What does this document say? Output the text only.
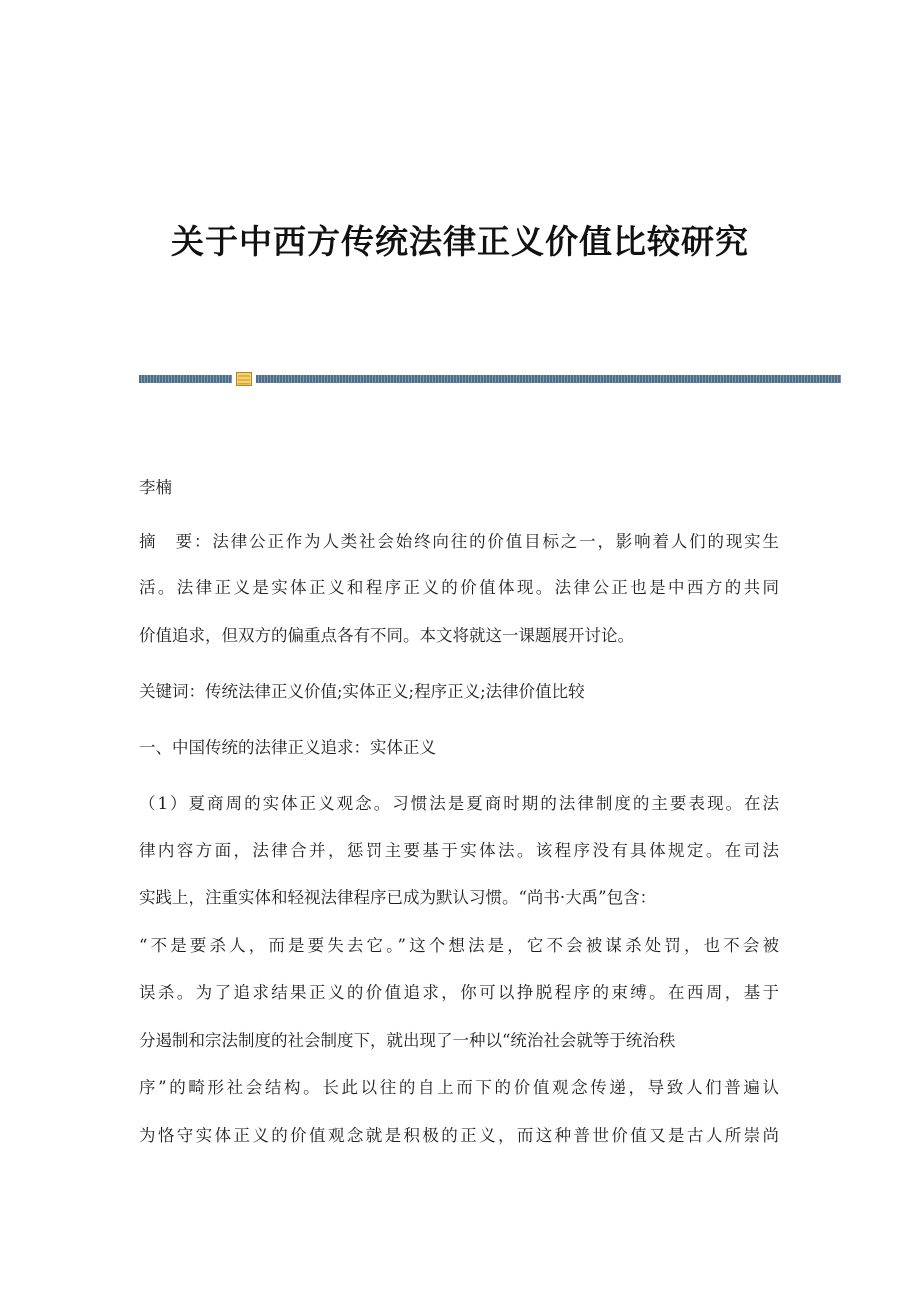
关于中西方传统法律正义价值比较研究
李楠
摘　要：法律公正作为人类社会始终向往的价值目标之一，影响着人们的现实生
活。法律正义是实体正义和程序正义的价值体现。法律公正也是中西方的共同
价值追求，但双方的偏重点各有不同。本文将就这一课题展开讨论。
关键词：传统法律正义价值;实体正义;程序正义;法律价值比较
一、中国传统的法律正义追求：实体正义
（1）夏商周的实体正义观念。习惯法是夏商时期的法律制度的主要表现。在法
律内容方面，法律合并，惩罚主要基于实体法。该程序没有具体规定。在司法
实践上，注重实体和轻视法律程序已成为默认习惯。“尚书·大禹”包含：
“不是要杀人，而是要失去它。”这个想法是，它不会被谋杀处罚，也不会被
误杀。为了追求结果正义的价值追求，你可以挣脱程序的束缚。在西周，基于
分遏制和宗法制度的社会制度下，就出现了一种以“统治社会就等于统治秩
序”的畸形社会结构。长此以往的自上而下的价值观念传递，导致人们普遍认
为恪守实体正义的价值观念就是积极的正义，而这种普世价值又是古人所崇尚
